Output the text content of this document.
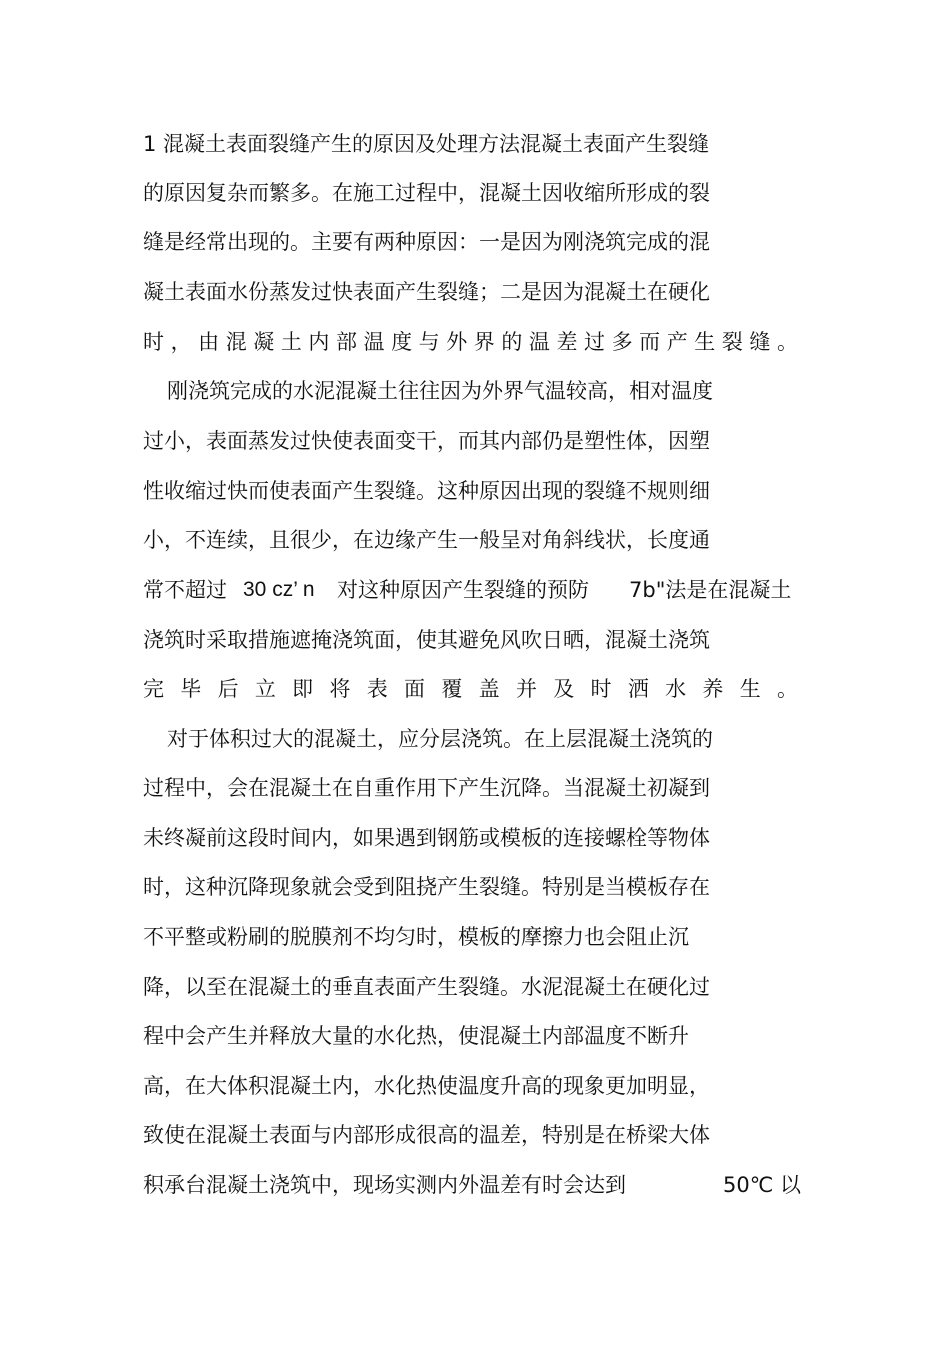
1 混凝土表面裂缝产生的原因及处理方法混凝土表面产生裂缝
的原因复杂而繁多。在施工过程中，混凝土因收缩所形成的裂
缝是经常出现的。主要有两种原因：一是因为刚浇筑完成的混
凝土表面水份蒸发过快表面产生裂缝；二是因为混凝土在硬化
时，由混凝土内部温度与外界的温差过多而产生裂缝。
刚浇筑完成的水泥混凝土往往因为外界气温较高，相对温度
过小，表面蒸发过快使表面变干，而其内部仍是塑性体，因塑
性收缩过快而使表面产生裂缝。这种原因出现的裂缝不规则细
小，不连续，且很少，在边缘产生一般呈对角斜线状，长度通
常不超过 30 cz’ n 对这种原因产生裂缝的预防 7b"法是在混凝土
浇筑时采取措施遮掩浇筑面，使其避免风吹日晒，混凝土浇筑
完毕后立即将表面覆盖并及时洒水养生。
对于体积过大的混凝土，应分层浇筑。在上层混凝土浇筑的
过程中，会在混凝土在自重作用下产生沉降。当混凝土初凝到
未终凝前这段时间内，如果遇到钢筋或模板的连接螺栓等物体
时，这种沉降现象就会受到阻挠产生裂缝。特别是当模板存在
不平整或粉刷的脱膜剂不均匀时，模板的摩擦力也会阻止沉
降，以至在混凝土的垂直表面产生裂缝。水泥混凝土在硬化过
程中会产生并释放大量的水化热，使混凝土内部温度不断升
高，在大体积混凝土内，水化热使温度升高的现象更加明显，
致使在混凝土表面与内部形成很高的温差，特别是在桥梁大体
积承台混凝土浇筑中，现场实测内外温差有时会达到	50℃ 以
